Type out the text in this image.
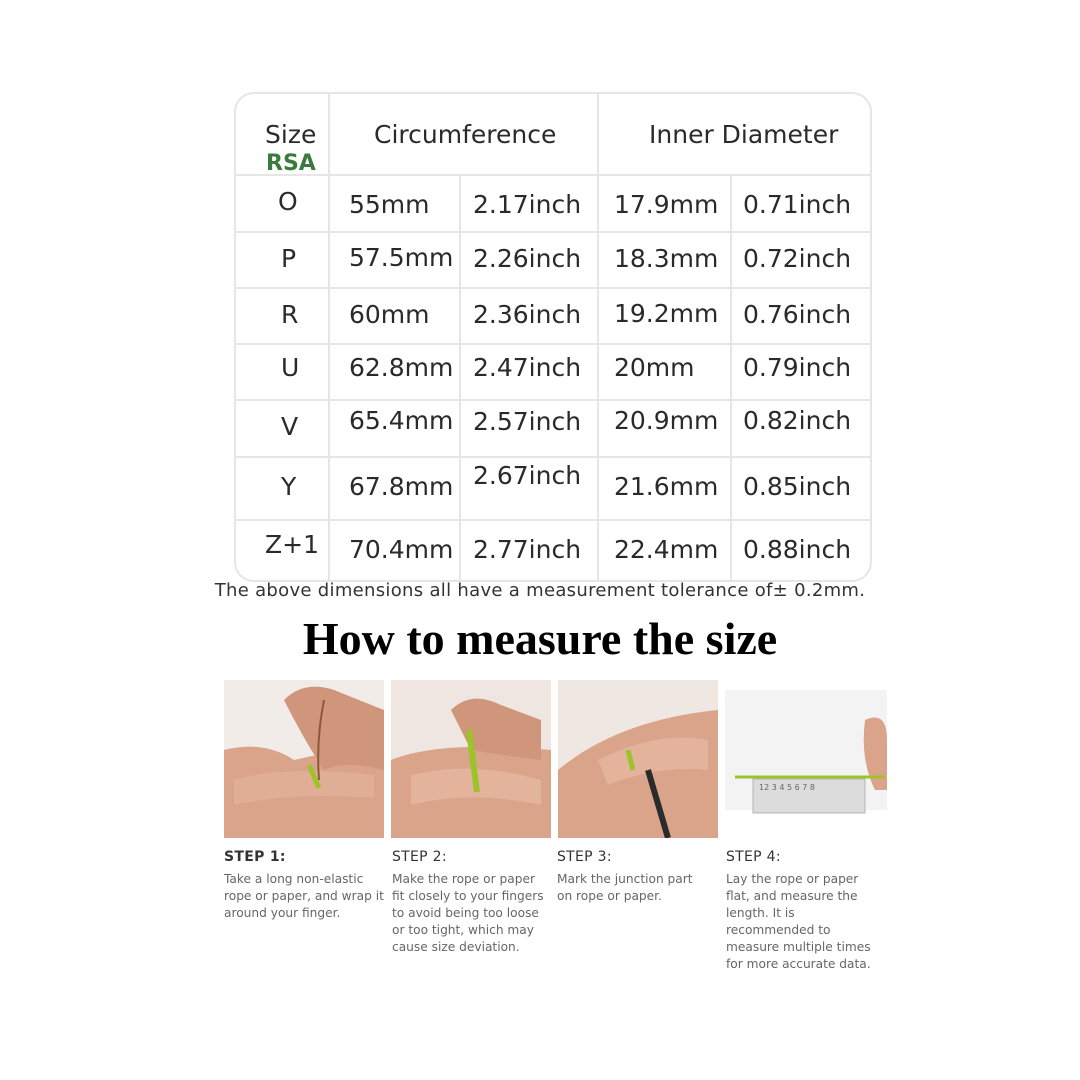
Size
RSA
Circumference	Inner Diameter
O 55mm 2.17inch 17.9mm 0.71inch
P 57.5mm 2.26inch 18.3mm 0.72inch
R 60mm 2.36inch 19.2mm 0.76inch
U 62.8mm 2.47inch 20mm 0.79inch
V 65.4mm 2.57inch 20.9mm 0.82inch
Y 67.8mm 2.67inch 21.6mm 0.85inch
Z+1 70.4mm 2.77inch 22.4mm 0.88inch
The above dimensions all have a measurement tolerance of± 0.2mm.
How to measure the size
12 3 4 5 6 7 8
STEP 1:
Take a long non-elastic rope or paper, and wrap it around your finger.
STEP 2:
Make the rope or paper fit closely to your fingers to avoid being too loose or too tight, which may cause size deviation.
STEP 3:
Mark the junction part on rope or paper.
STEP 4:
Lay the rope or paper flat, and measure the length. It is recommended to measure multiple times for more accurate data.
